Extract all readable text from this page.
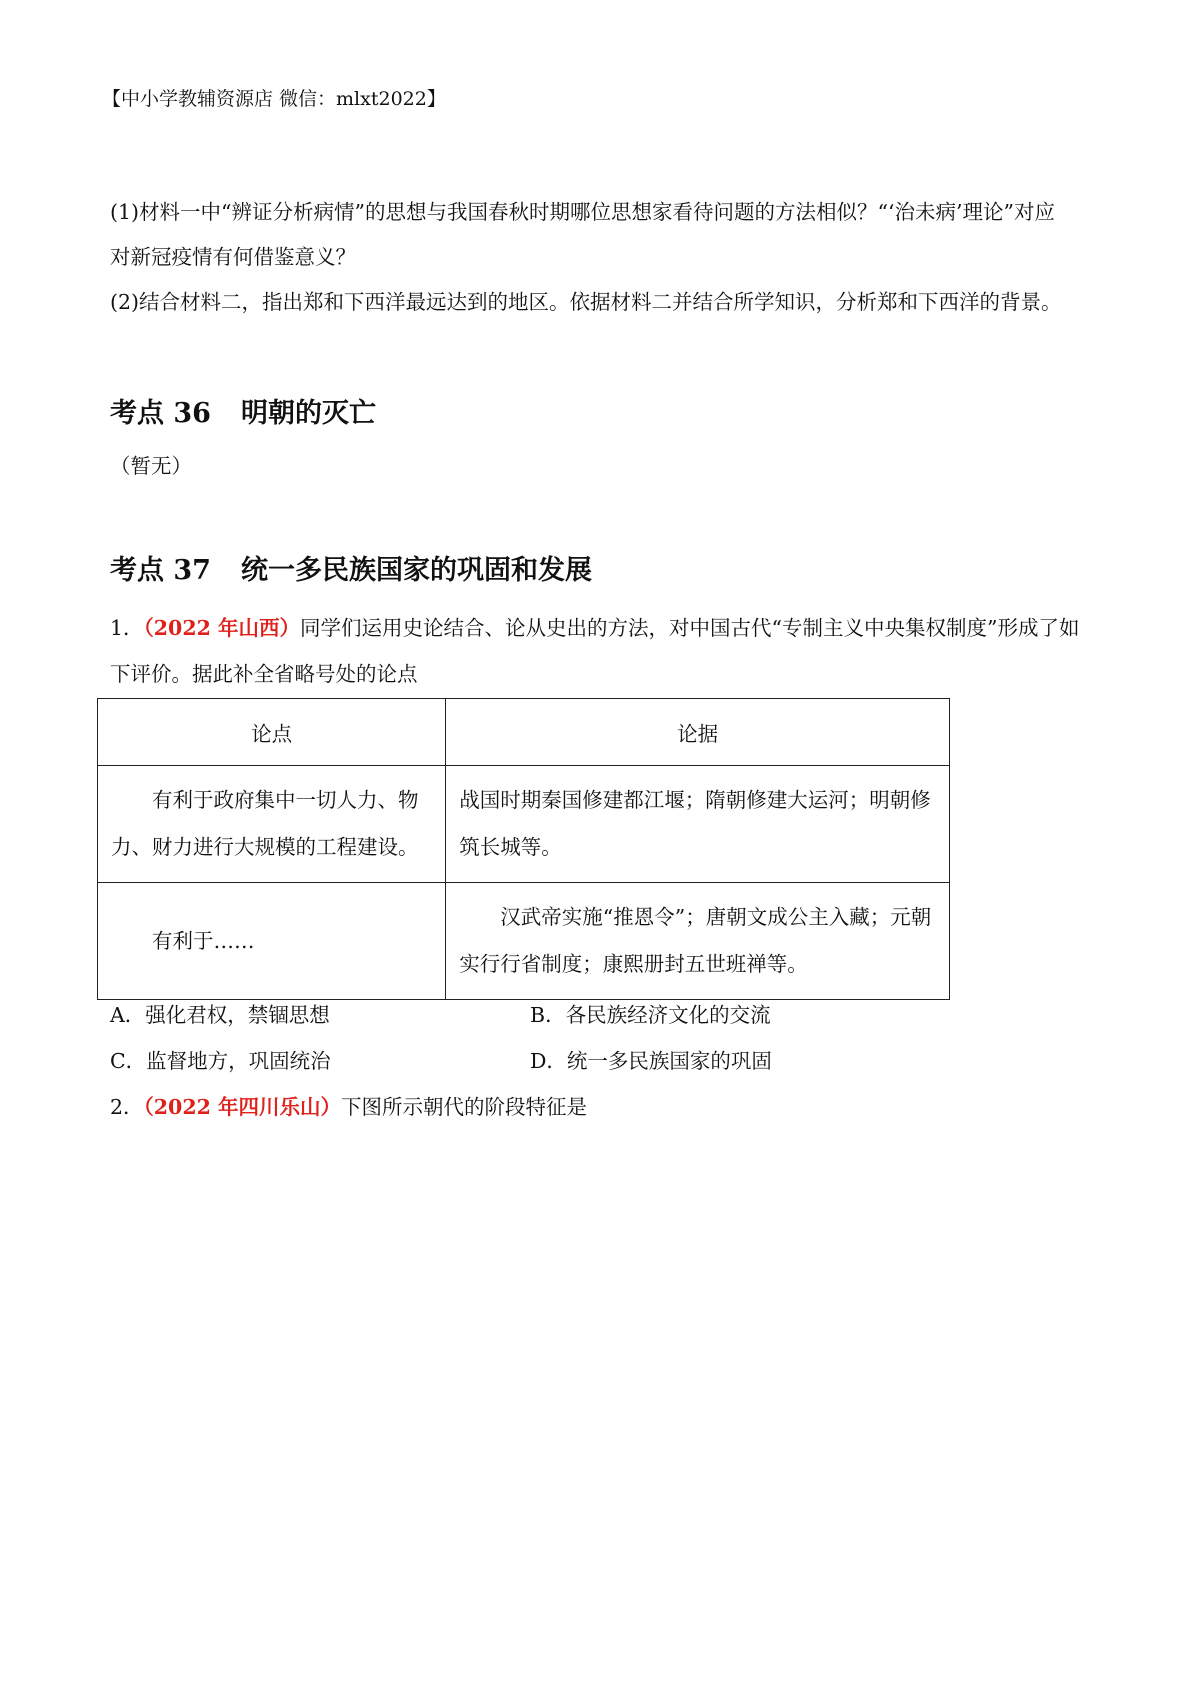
【中小学教辅资源店 微信：mlxt2022】
(1)材料一中“辨证分析病情”的思想与我国春秋时期哪位思想家看待问题的方法相似？“‘治未病’理论”对应
对新冠疫情有何借鉴意义？
(2)结合材料二，指出郑和下西洋最远达到的地区。依据材料二并结合所学知识，分析郑和下西洋的背景。
考点 36 明朝的灭亡
（暂无）
考点 37 统一多民族国家的巩固和发展
1．（2022 年山西）同学们运用史论结合、论从史出的方法，对中国古代“专制主义中央集权制度”形成了如
下评价。据此补全省略号处的论点
论点	论据

有利于政府集中一切人力、物力、财力进行大规模的工程建设。	战国时期秦国修建都江堰；隋朝修建大运河；明朝修筑长城等。

有利于……	汉武帝实施“推恩令”；唐朝文成公主入藏；元朝实行行省制度；康熙册封五世班禅等。
A．强化君权，禁锢思想	B．各民族经济文化的交流
C．监督地方，巩固统治	D．统一多民族国家的巩固
2．（2022 年四川乐山）下图所示朝代的阶段特征是
